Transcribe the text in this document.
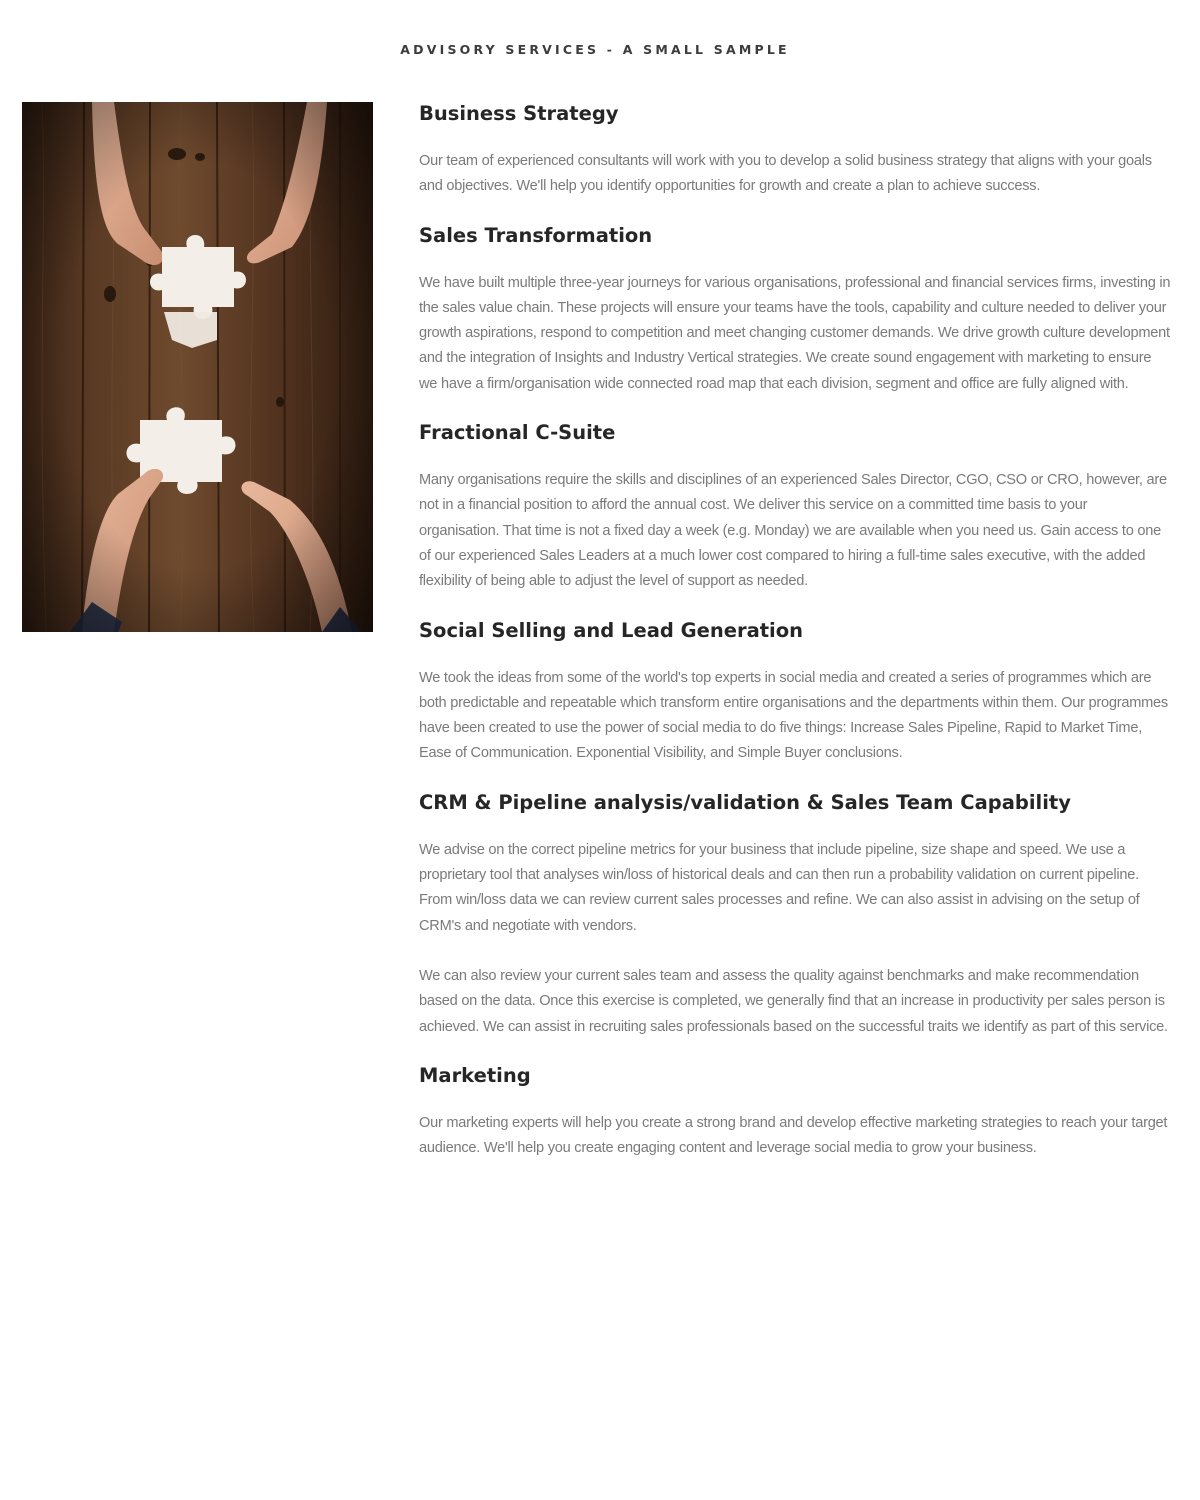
ADVISORY SERVICES - A SMALL SAMPLE
Business Strategy

Our team of experienced consultants will work with you to develop a solid business strategy that aligns with your goals and objectives. We'll help you identify opportunities for growth and create a plan to achieve success.

Sales Transformation

We have built multiple three-year journeys for various organisations, professional and financial services firms, investing in the sales value chain. These projects will ensure your teams have the tools, capability and culture needed to deliver your growth aspirations, respond to competition and meet changing customer demands. We drive growth culture development and the integration of Insights and Industry Vertical strategies. We create sound engagement with marketing to ensure we have a firm/organisation wide connected road map that each division, segment and office are fully aligned with.

Fractional C-Suite

Many organisations require the skills and disciplines of an experienced Sales Director, CGO, CSO or CRO, however, are not in a financial position to afford the annual cost. We deliver this service on a committed time basis to your organisation. That time is not a fixed day a week (e.g. Monday) we are available when you need us. Gain access to one of our experienced Sales Leaders at a much lower cost compared to hiring a full-time sales executive, with the added flexibility of being able to adjust the level of support as needed.

Social Selling and Lead Generation

We took the ideas from some of the world's top experts in social media and created a series of programmes which are both predictable and repeatable which transform entire organisations and the departments within them. Our programmes have been created to use the power of social media to do five things: Increase Sales Pipeline, Rapid to Market Time, Ease of Communication. Exponential Visibility, and Simple Buyer conclusions.

CRM & Pipeline analysis/validation & Sales Team Capability

We advise on the correct pipeline metrics for your business that include pipeline, size shape and speed. We use a proprietary tool that analyses win/loss of historical deals and can then run a probability validation on current pipeline. From win/loss data we can review current sales processes and refine. We can also assist in advising on the setup of CRM's and negotiate with vendors.

We can also review your current sales team and assess the quality against benchmarks and make recommendation based on the data. Once this exercise is completed, we generally find that an increase in productivity per sales person is achieved. We can assist in recruiting sales professionals based on the successful traits we identify as part of this service.

Marketing

Our marketing experts will help you create a strong brand and develop effective marketing strategies to reach your target audience. We'll help you create engaging content and leverage social media to grow your business.
